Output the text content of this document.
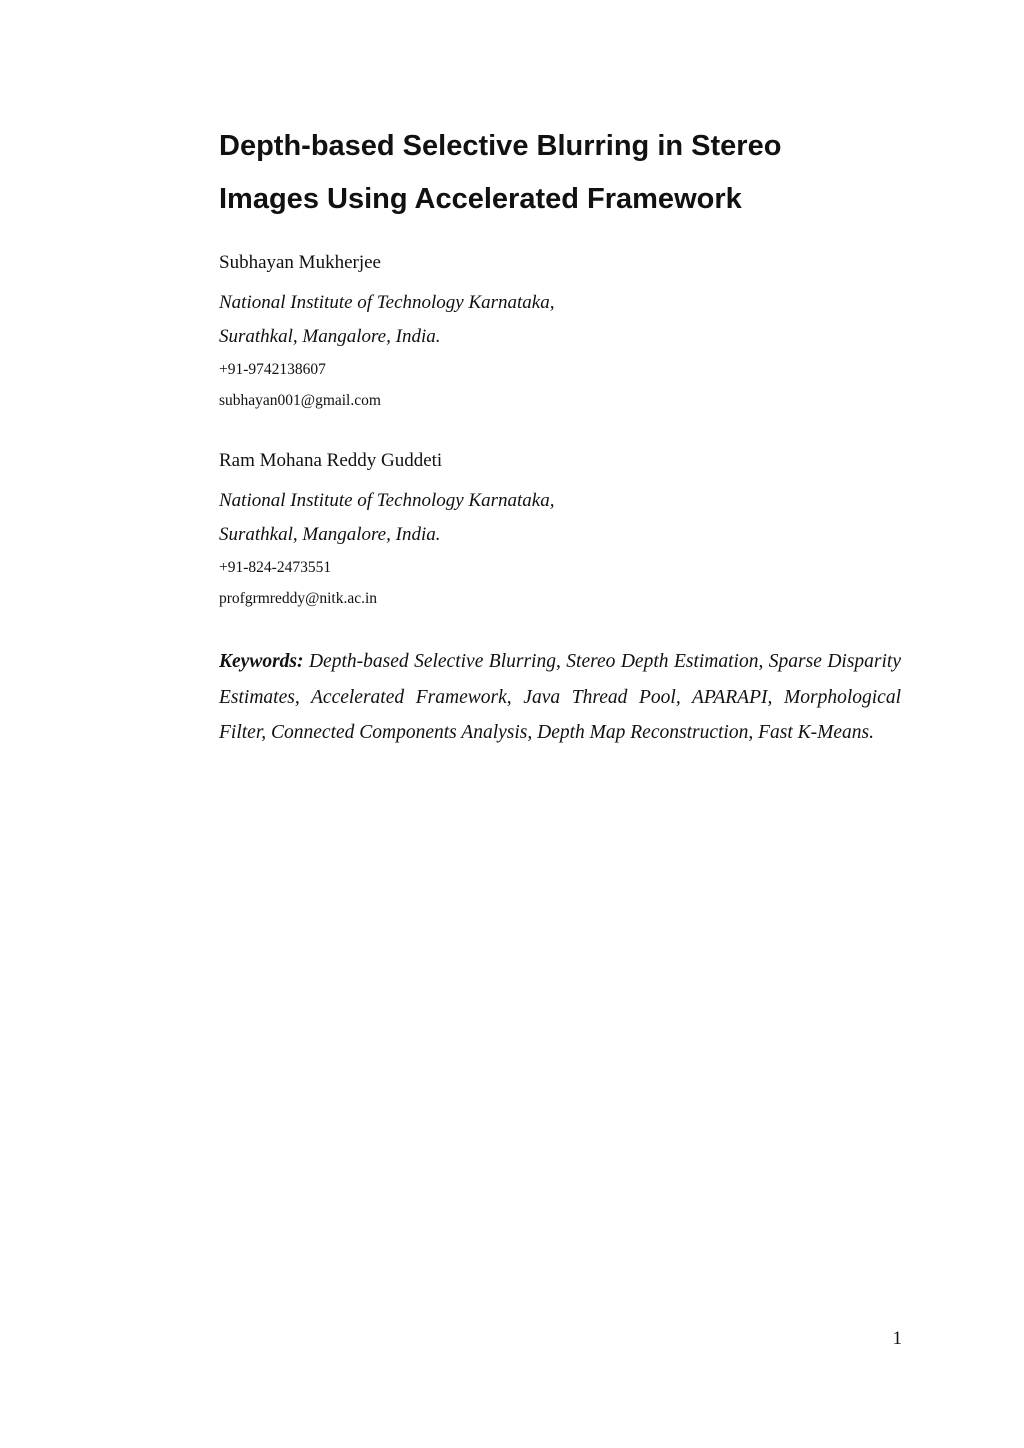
Depth-based Selective Blurring in Stereo
Images Using Accelerated Framework

Subhayan Mukherjee

National Institute of Technology Karnataka,

Surathkal, Mangalore, India.

+91-9742138607

subhayan001@gmail.com

Ram Mohana Reddy Guddeti

National Institute of Technology Karnataka,

Surathkal, Mangalore, India.

+91-824-2473551

profgrmreddy@nitk.ac.in

Keywords: Depth-based Selective Blurring, Stereo Depth Estimation, Sparse Disparity Estimates, Accelerated Framework, Java Thread Pool, APARAPI, Morphological Filter, Connected Components Analysis, Depth Map Reconstruction, Fast K-Means.

1
